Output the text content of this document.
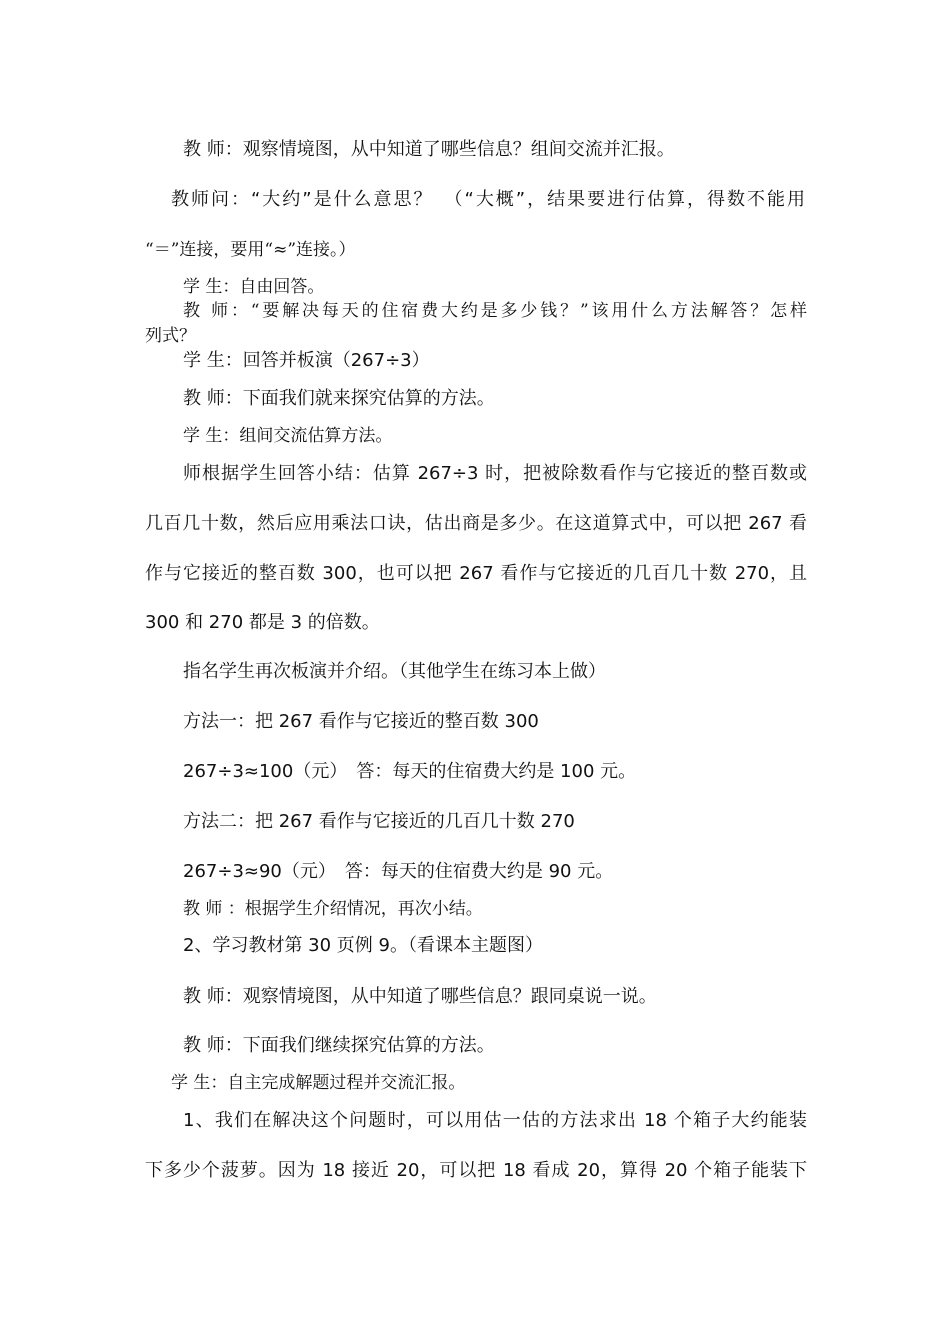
教 师：观察情境图，从中知道了哪些信息？组间交流并汇报。
教师问：“大约”是什么意思？　（“大概”，结果要进行估算，得数不能用
“＝”连接，要用“≈”连接。）
学 生：自由回答。
教 师：“要解决每天的住宿费大约是多少钱？”该用什么方法解答？怎样
列式？
学 生：回答并板演（267÷3）
教 师：下面我们就来探究估算的方法。
学 生：组间交流估算方法。
师根据学生回答小结：估算 267÷3 时，把被除数看作与它接近的整百数或
几百几十数，然后应用乘法口诀，估出商是多少。在这道算式中，可以把 267 看
作与它接近的整百数 300，也可以把 267 看作与它接近的几百几十数 270，且
300 和 270 都是 3 的倍数。
指名学生再次板演并介绍。（其他学生在练习本上做）
方法一：把 267 看作与它接近的整百数 300
267÷3≈100（元）　答：每天的住宿费大约是 100 元。
方法二：把 267 看作与它接近的几百几十数 270
267÷3≈90（元）　答：每天的住宿费大约是 90 元。
教 师 ：根据学生介绍情况，再次小结。
2、学习教材第 30 页例 9。（看课本主题图）
教 师：观察情境图，从中知道了哪些信息？跟同桌说一说。
教 师：下面我们继续探究估算的方法。
学 生：自主完成解题过程并交流汇报。
1、我们在解决这个问题时，可以用估一估的方法求出 18 个箱子大约能装
下多少个菠萝。因为 18 接近 20，可以把 18 看成 20，算得 20 个箱子能装下
